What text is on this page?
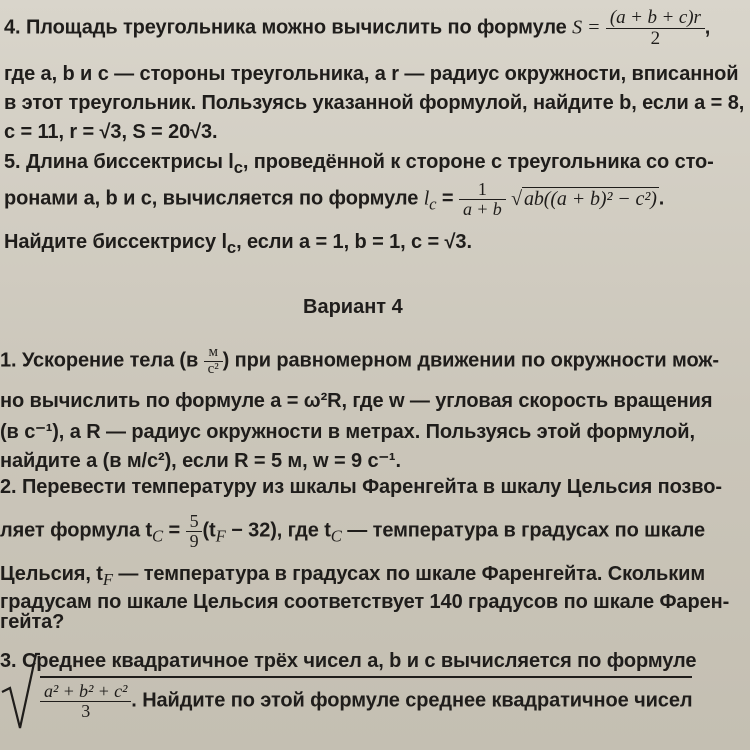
4. Площадь треугольника можно вычислить по формуле $S = \frac{(a + b + c)r}{2}$ ,
где a, b и c — стороны треугольника, a r — радиус окружности, вписанной
в этот треугольник. Пользуясь указанной формулой, найдите b, если a = 8,
c = 11, r = √3, S = 20√3.
5. Длина биссектрисы $l_c$, проведённой к стороне c треугольника со сто-
ронами a, b и c, вычисляется по формуле $l_c = \frac{1}{a + b}$ √ ab((a + b)² − c²) .
Найдите биссектрису $l_c$, если a = 1, b = 1, c = √3.
Вариант 4
1. Ускорение тела ($в \frac{м}{\text{с²}}$ ) при равномерном движении по окружности мож-
но вычислить по формуле a = ω²R, где w — угловая скорость вращения
(в с⁻¹), а R — радиус окружности в метрах. Пользуясь этой формулой,
найдите a (в м/с²), если R = 5 м, w = 9 с⁻¹.
2. Перевести температуру из шкалы Фаренгейта в шкалу Цельсия позво-
ляет формула $t_C = \frac{5}{9} (t_F - 32)$, где $t_C$ — температура в градусах по шкале
Цельсия, $t_F$ — температура в градусах по шкале Фаренгейта. Скольким
градусам по шкале Цельсия соответствует 140 градусов по шкале Фарен-
гейта?
3. Среднее квадратичное трёх чисел a, b и c вычисляется по формуле
$\frac{\text{a² + b² + c²}}{3}$ . Найдите по этой формуле среднее квадратичное чисел
